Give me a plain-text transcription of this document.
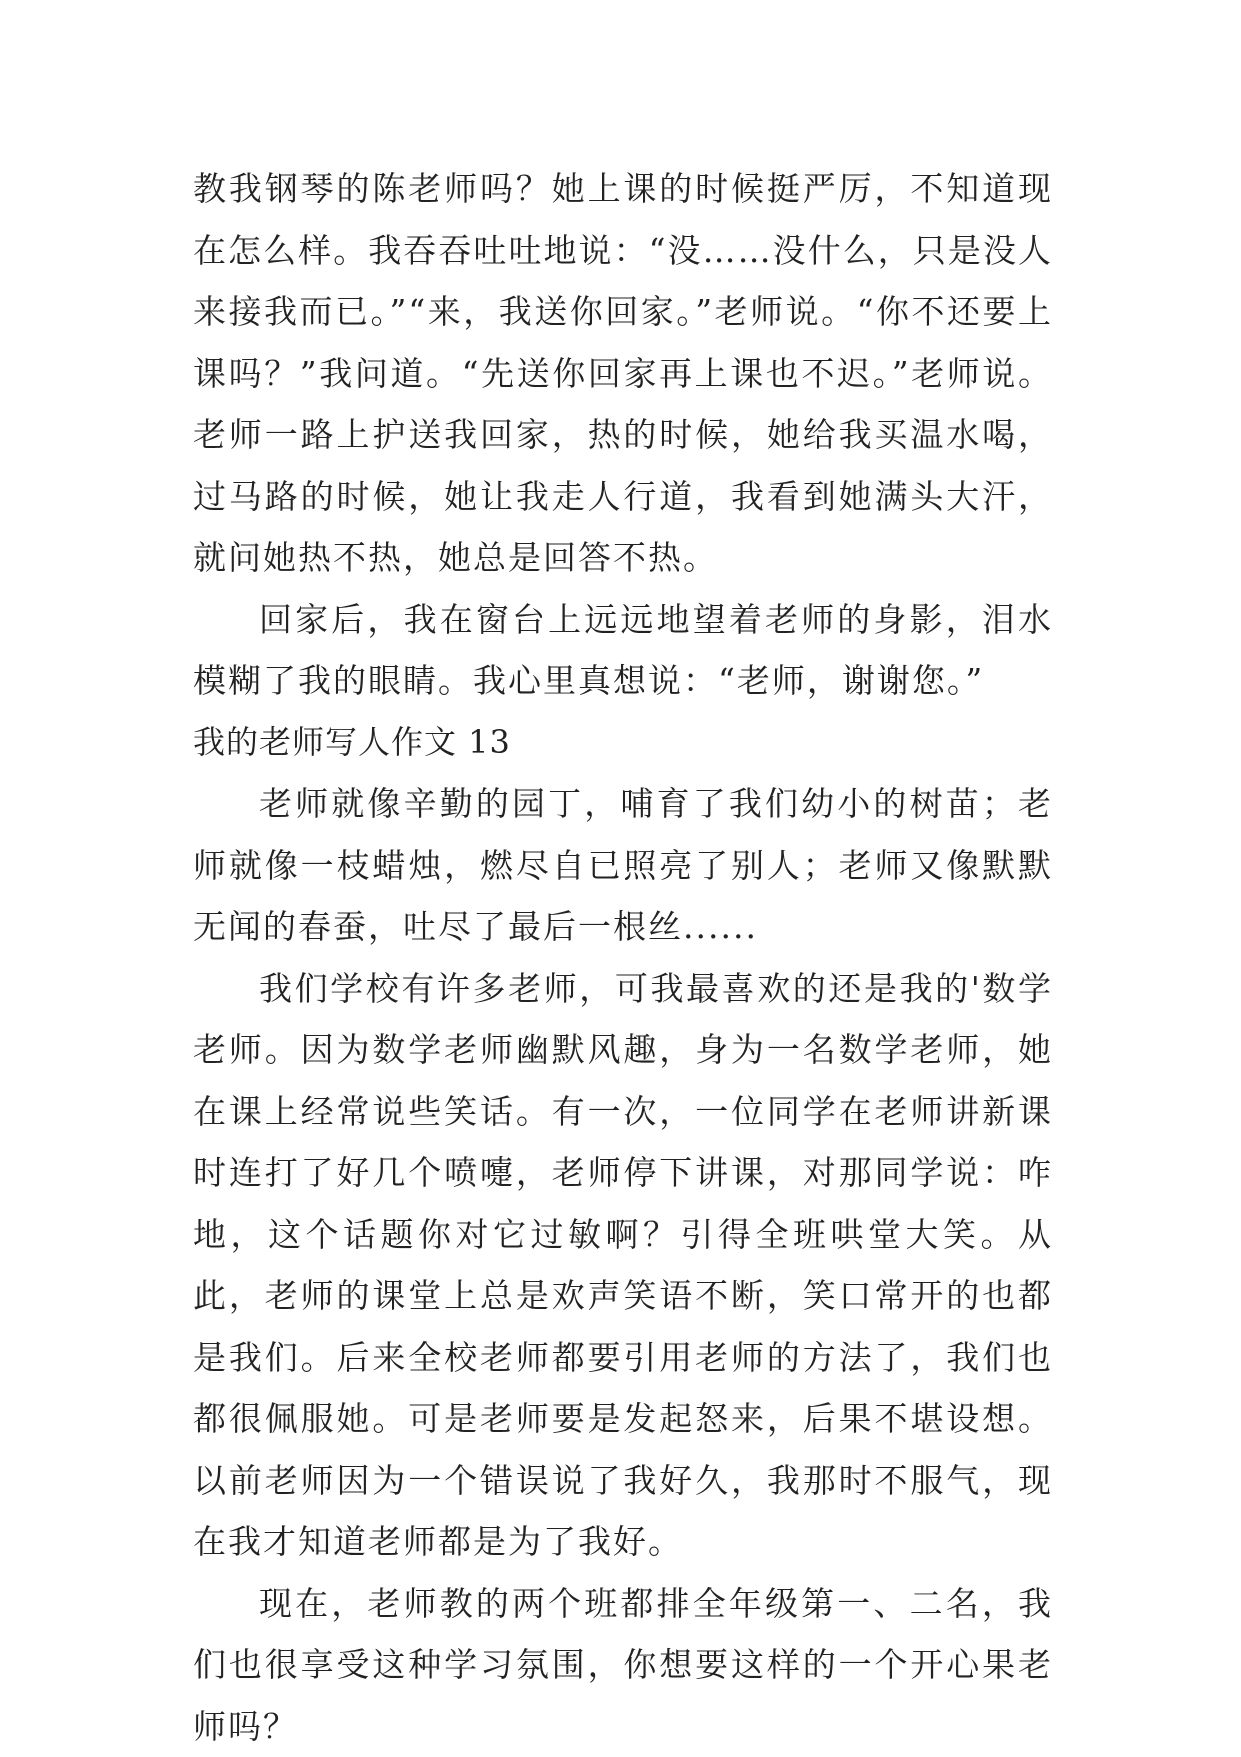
教我钢琴的陈老师吗？她上课的时候挺严厉，不知道现在怎么样。我吞吞吐吐地说：“没……没什么，只是没人来接我而已。”“来，我送你回家。”老师说。“你不还要上课吗？”我问道。“先送你回家再上课也不迟。”老师说。老师一路上护送我回家，热的时候，她给我买温水喝，过马路的时候，她让我走人行道，我看到她满头大汗，就问她热不热，她总是回答不热。

回家后，我在窗台上远远地望着老师的身影，泪水模糊了我的眼睛。我心里真想说：“老师，谢谢您。”

我的老师写人作文 13

老师就像辛勤的园丁，哺育了我们幼小的树苗；老师就像一枝蜡烛，燃尽自已照亮了别人；老师又像默默无闻的春蚕，吐尽了最后一根丝......

我们学校有许多老师，可我最喜欢的还是我的'数学老师。因为数学老师幽默风趣，身为一名数学老师，她在课上经常说些笑话。有一次，一位同学在老师讲新课时连打了好几个喷嚏，老师停下讲课，对那同学说：咋地，这个话题你对它过敏啊？引得全班哄堂大笑。从此，老师的课堂上总是欢声笑语不断，笑口常开的也都是我们。后来全校老师都要引用老师的方法了，我们也都很佩服她。可是老师要是发起怒来，后果不堪设想。以前老师因为一个错误说了我好久，我那时不服气，现在我才知道老师都是为了我好。

现在，老师教的两个班都排全年级第一、二名，我们也很享受这种学习氛围，你想要这样的一个开心果老师吗？
